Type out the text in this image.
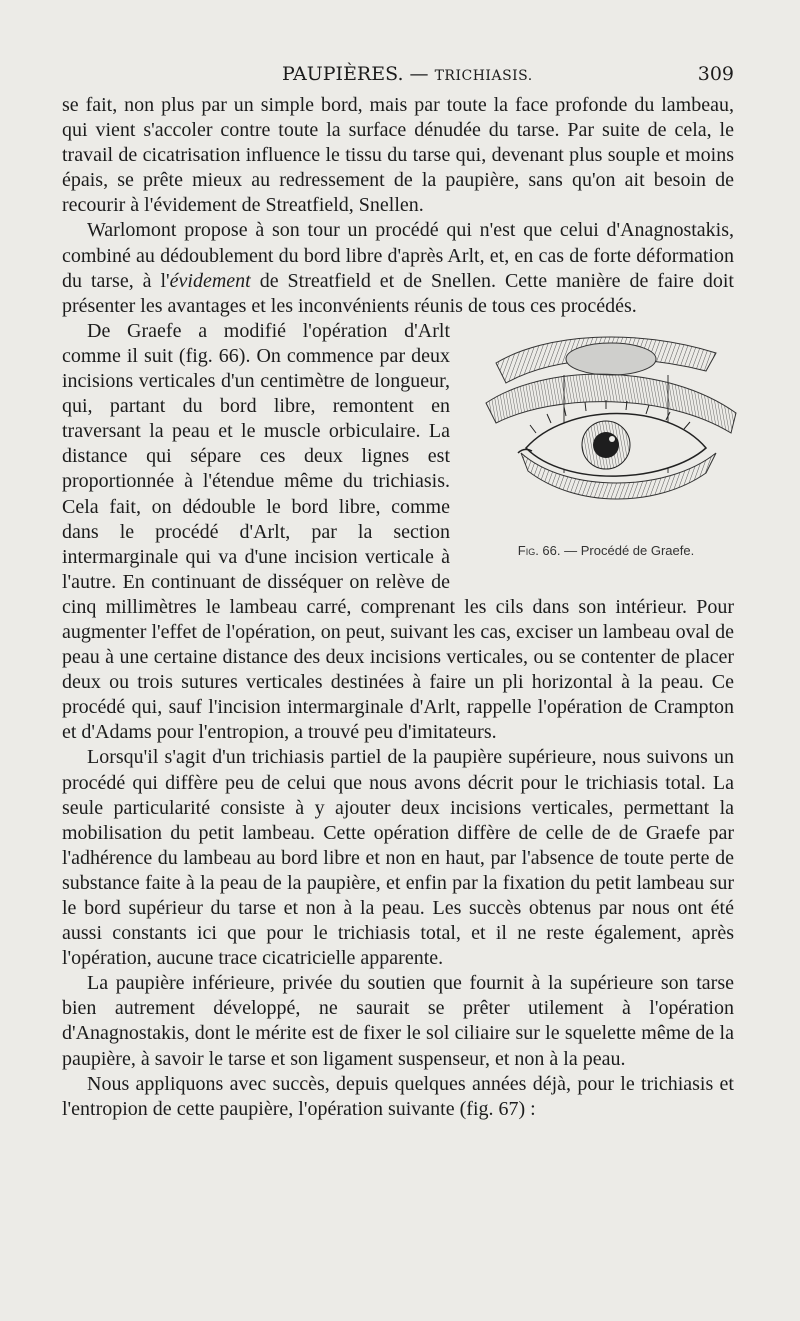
PAUPIÈRES. — TRICHIASIS.	309

se fait, non plus par un simple bord, mais par toute la face profonde du lambeau, qui vient s'accoler contre toute la surface dénudée du tarse. Par suite de cela, le travail de cicatrisation influence le tissu du tarse qui, devenant plus souple et moins épais, se prête mieux au redressement de la paupière, sans qu'on ait besoin de recourir à l'évidement de Streatfield, Snellen.

Warlomont propose à son tour un procédé qui n'est que celui d'Anagnostakis, combiné au dédoublement du bord libre d'après Arlt, et, en cas de forte déformation du tarse, à l'évidement de Streatfield et de Snellen. Cette manière de faire doit présenter les avantages et les inconvénients réunis de tous ces procédés.

Fig. 66. — Procédé de Graefe.

De Graefe a modifié l'opération d'Arlt comme il suit (fig. 66). On commence par deux incisions verticales d'un centimètre de longueur, qui, partant du bord libre, remontent en traversant la peau et le muscle orbiculaire. La distance qui sépare ces deux lignes est proportionnée à l'étendue même du trichiasis. Cela fait, on dédouble le bord libre, comme dans le procédé d'Arlt, par la section intermarginale qui va d'une incision verticale à l'autre. En continuant de disséquer on relève de cinq millimètres le lambeau carré, comprenant les cils dans son intérieur. Pour augmenter l'effet de l'opération, on peut, suivant les cas, exciser un lambeau oval de peau à une certaine distance des deux incisions verticales, ou se contenter de placer deux ou trois sutures verticales destinées à faire un pli horizontal à la peau. Ce procédé qui, sauf l'incision intermarginale d'Arlt, rappelle l'opération de Crampton et d'Adams pour l'entropion, a trouvé peu d'imitateurs.

Lorsqu'il s'agit d'un trichiasis partiel de la paupière supérieure, nous suivons un procédé qui diffère peu de celui que nous avons décrit pour le trichiasis total. La seule particularité consiste à y ajouter deux incisions verticales, permettant la mobilisation du petit lambeau. Cette opération diffère de celle de de Graefe par l'adhérence du lambeau au bord libre et non en haut, par l'absence de toute perte de substance faite à la peau de la paupière, et enfin par la fixation du petit lambeau sur le bord supérieur du tarse et non à la peau. Les succès obtenus par nous ont été aussi constants ici que pour le trichiasis total, et il ne reste également, après l'opération, aucune trace cicatricielle apparente.

La paupière inférieure, privée du soutien que fournit à la supérieure son tarse bien autrement développé, ne saurait se prêter utilement à l'opération d'Anagnostakis, dont le mérite est de fixer le sol ciliaire sur le squelette même de la paupière, à savoir le tarse et son ligament suspenseur, et non à la peau.

Nous appliquons avec succès, depuis quelques années déjà, pour le trichiasis et l'entropion de cette paupière, l'opération suivante (fig. 67) :
